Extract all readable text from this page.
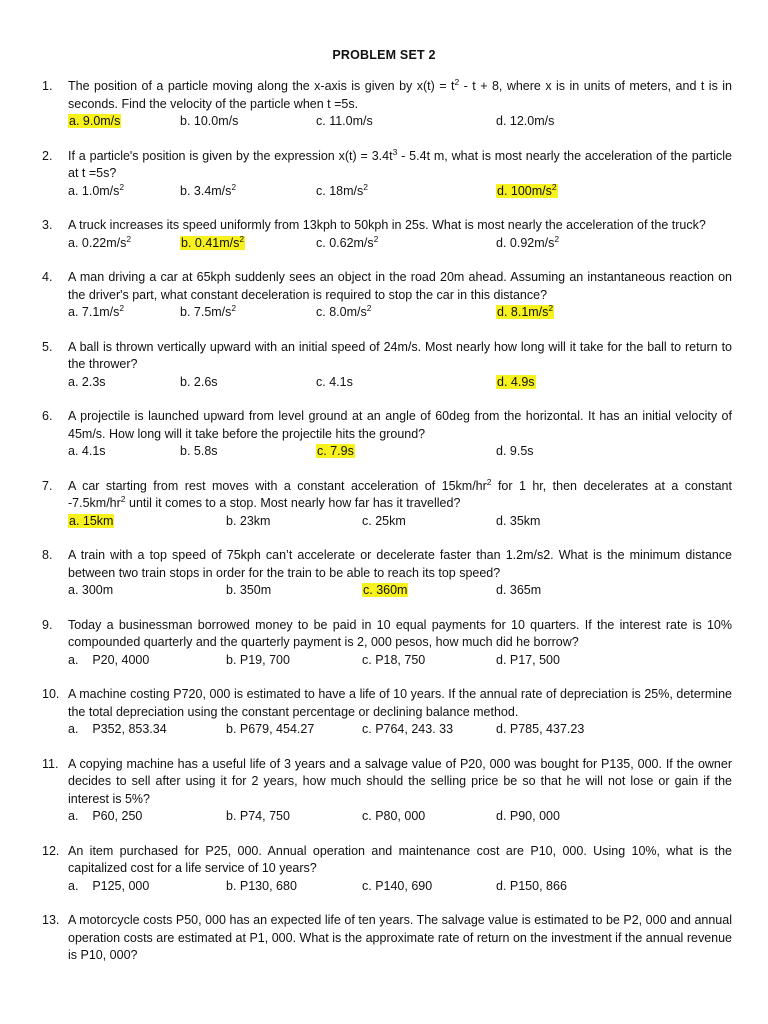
PROBLEM SET 2
1. The position of a particle moving along the x-axis is given by $x(t) = t^2 - t + 8$, where x is in units of meters, and t is in seconds. Find the velocity of the particle when t =5s.
a. 9.0m/s	b. 10.0m/s	c. 11.0m/s	d. 12.0m/s
2. If a particle's position is given by the expression $x(t) = 3.4t^3 - 5.4t$ m, what is most nearly the acceleration of the particle at t =5s?
a. $1.0m/s^2$	b. $3.4m/s^2$	c. $18m/s^2$	d. $100m/s^2$
3. A truck increases its speed uniformly from 13kph to 50kph in 25s. What is most nearly the acceleration of the truck?
a. $0.22m/s^2$	b. $0.41m/s^2$	c. $0.62m/s^2$	d. $0.92m/s^2$
4. A man driving a car at 65kph suddenly sees an object in the road 20m ahead. Assuming an instantaneous reaction on the driver's part, what constant deceleration is required to stop the car in this distance?
a. $7.1m/s^2$	b. $7.5m/s^2$	c. $8.0m/s^2$	d. $8.1m/s^2$
5. A ball is thrown vertically upward with an initial speed of 24m/s. Most nearly how long will it take for the ball to return to the thrower?
a. 2.3s	b. 2.6s	c. 4.1s	d. 4.9s
6. A projectile is launched upward from level ground at an angle of 60deg from the horizontal. It has an initial velocity of 45m/s. How long will it take before the projectile hits the ground?
a. 4.1s	b. 5.8s	c. 7.9s	d. 9.5s
7. A car starting from rest moves with a constant acceleration of $15km/hr^2$ for 1 hr, then decelerates at a constant $-7.5km/hr^2$ until it comes to a stop. Most nearly how far has it travelled?
a. 15km	b. 23km	c. 25km	d. 35km
8. A train with a top speed of 75kph can’t accelerate or decelerate faster than 1.2m/s2. What is the minimum distance between two train stops in order for the train to be able to reach its top speed?
a. 300m	b. 350m	c. 360m	d. 365m
9. Today a businessman borrowed money to be paid in 10 equal payments for 10 quarters. If the interest rate is 10% compounded quarterly and the quarterly payment is 2, 000 pesos, how much did he borrow?
a.    P20, 4000	b. P19, 700	c. P18, 750	d. P17, 500
10. A machine costing P720, 000 is estimated to have a life of 10 years. If the annual rate of depreciation is 25%, determine the total depreciation using the constant percentage or declining balance method.
a.    P352, 853.34	b. P679, 454.27	c. P764, 243. 33	d. P785, 437.23
11. A copying machine has a useful life of 3 years and a salvage value of P20, 000 was bought for P135, 000. If the owner decides to sell after using it for 2 years, how much should the selling price be so that he will not lose or gain if the interest is 5%?
a.    P60, 250	b. P74, 750	c. P80, 000	d. P90, 000
12. An item purchased for P25, 000. Annual operation and maintenance cost are P10, 000. Using 10%, what is the capitalized cost for a life service of 10 years?
a.    P125, 000	b. P130, 680	c. P140, 690	d. P150, 866
13. A motorcycle costs P50, 000 has an expected life of ten years. The salvage value is estimated to be P2, 000 and annual operation costs are estimated at P1, 000. What is the approximate rate of return on the investment if the annual revenue is P10, 000?
